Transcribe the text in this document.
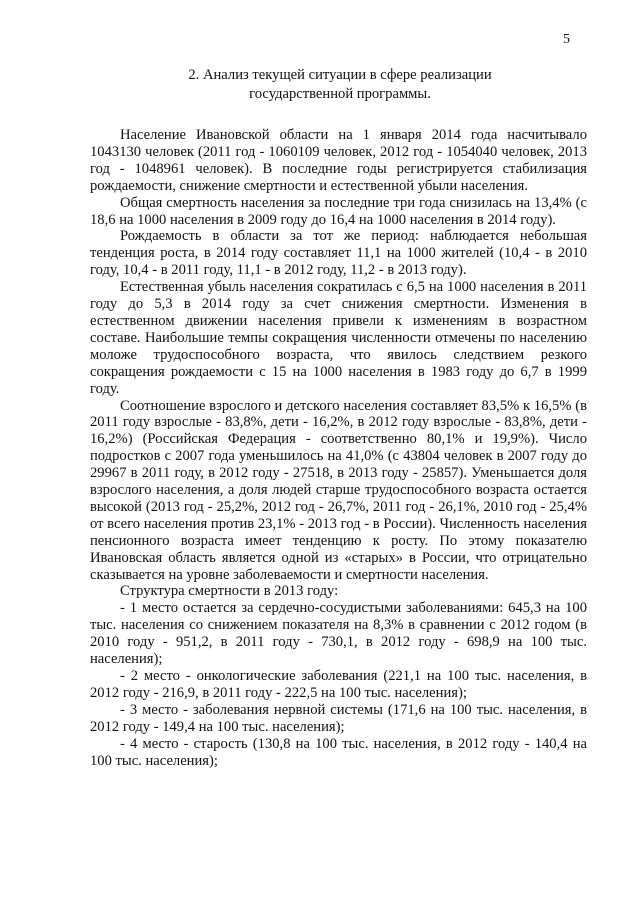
5
2. Анализ текущей ситуации в сфере реализации
государственной программы.

Население Ивановской области на 1 января 2014 года насчитывало 1043130 человек (2011 год - 1060109 человек, 2012 год - 1054040 человек, 2013 год - 1048961 человек). В последние годы регистрируется стабилизация рождаемости, снижение смертности и естественной убыли населения.

Общая смертность населения за последние три года снизилась на 13,4% (с 18,6 на 1000 населения в 2009 году до 16,4 на 1000 населения в 2014 году).

Рождаемость в области за тот же период: наблюдается небольшая тенденция роста, в 2014 году составляет 11,1 на 1000 жителей (10,4 - в 2010 году, 10,4 - в 2011 году, 11,1 - в 2012 году, 11,2 - в 2013 году).

Естественная убыль населения сократилась с 6,5 на 1000 населения в 2011 году до 5,3 в 2014 году за счет снижения смертности. Изменения в естественном движении населения привели к изменениям в возрастном составе. Наибольшие темпы сокращения численности отмечены по населению моложе трудоспособного возраста, что явилось следствием резкого сокращения рождаемости с 15 на 1000 населения в 1983 году до 6,7 в 1999 году.

Соотношение взрослого и детского населения составляет 83,5% к 16,5% (в 2011 году взрослые - 83,8%, дети - 16,2%, в 2012 году взрослые - 83,8%, дети - 16,2%) (Российская Федерация - соответственно 80,1% и 19,9%). Число подростков с 2007 года уменьшилось на 41,0% (с 43804 человек в 2007 году до 29967 в 2011 году, в 2012 году - 27518, в 2013 году - 25857). Уменьшается доля взрослого населения, а доля людей старше трудоспособного возраста остается высокой (2013 год - 25,2%, 2012 год - 26,7%, 2011 год - 26,1%, 2010 год - 25,4% от всего населения против 23,1% - 2013 год - в России). Численность населения пенсионного возраста имеет тенденцию к росту. По этому показателю Ивановская область является одной из «старых» в России, что отрицательно сказывается на уровне заболеваемости и смертности населения.

Структура смертности в 2013 году:

- 1 место остается за сердечно-сосудистыми заболеваниями: 645,3 на 100 тыс. населения со снижением показателя на 8,3% в сравнении с 2012 годом (в 2010 году - 951,2, в 2011 году - 730,1, в 2012 году - 698,9 на 100 тыс. населения);

- 2 место - онкологические заболевания (221,1 на 100 тыс. населения, в 2012 году - 216,9, в 2011 году - 222,5 на 100 тыс. населения);

- 3 место - заболевания нервной системы (171,6 на 100 тыс. населения, в 2012 году - 149,4 на 100 тыс. населения);

- 4 место - старость (130,8 на 100 тыс. населения, в 2012 году - 140,4 на 100 тыс. населения);
